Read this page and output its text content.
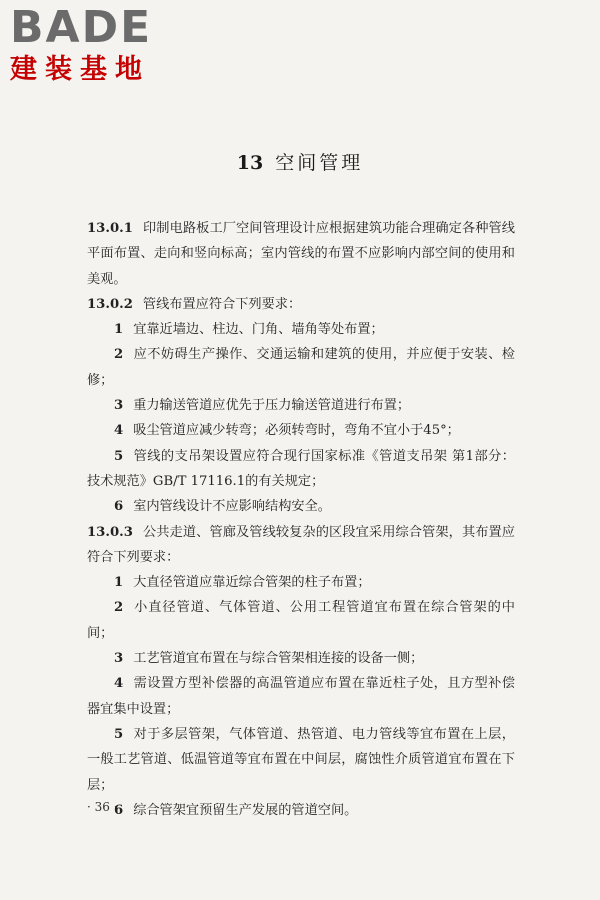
BADE
建装基地
13 空间管理

13.0.1 印制电路板工厂空间管理设计应根据建筑功能合理确定各种管线平面布置、走向和竖向标高；室内管线的布置不应影响内部空间的使用和美观。

13.0.2 管线布置应符合下列要求：

1 宜靠近墙边、柱边、门角、墙角等处布置；

2 应不妨碍生产操作、交通运输和建筑的使用，并应便于安装、检修；

3 重力输送管道应优先于压力输送管道进行布置；

4 吸尘管道应减少转弯；必须转弯时，弯角不宜小于45°；

5 管线的支吊架设置应符合现行国家标准《管道支吊架 第1部分：技术规范》GB/T 17116.1的有关规定；

6 室内管线设计不应影响结构安全。

13.0.3 公共走道、管廊及管线较复杂的区段宜采用综合管架，其布置应符合下列要求：

1 大直径管道应靠近综合管架的柱子布置；

2 小直径管道、气体管道、公用工程管道宜布置在综合管架的中间；

3 工艺管道宜布置在与综合管架相连接的设备一侧；

4 需设置方型补偿器的高温管道应布置在靠近柱子处，且方型补偿器宜集中设置；

5 对于多层管架，气体管道、热管道、电力管线等宜布置在上层，一般工艺管道、低温管道等宜布置在中间层，腐蚀性介质管道宜布置在下层；

6 综合管架宜预留生产发展的管道空间。

· 36 ·
